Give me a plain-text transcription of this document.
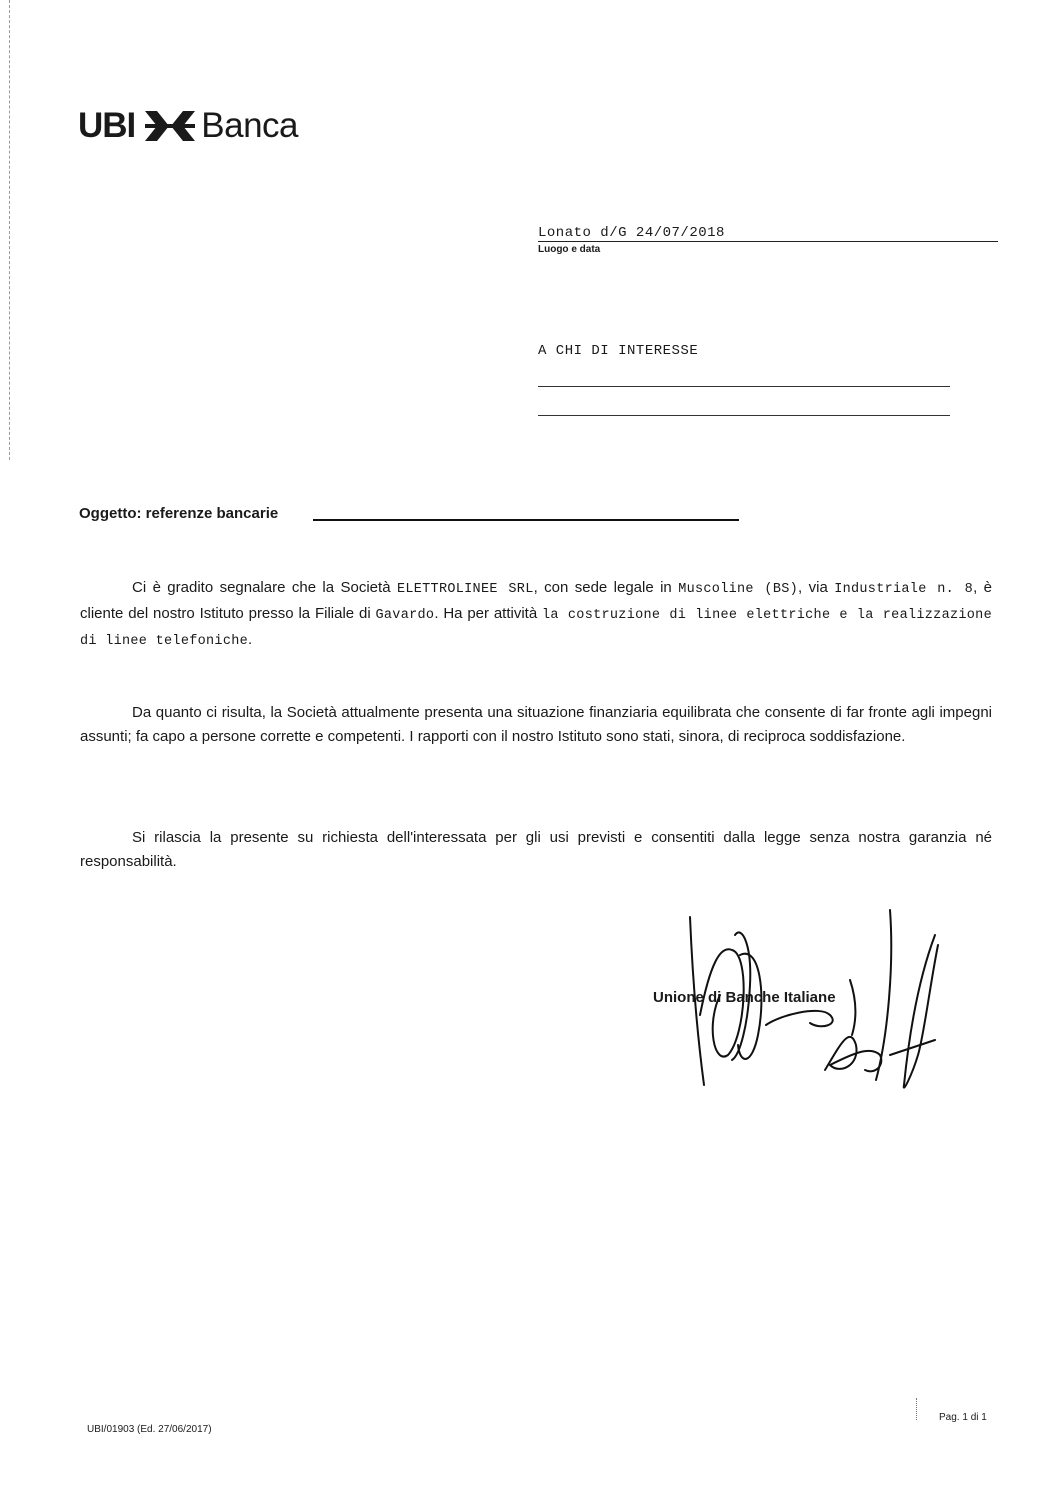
UBI Banca
Lonato d/G 24/07/2018
Luogo e data
A CHI DI INTERESSE
Oggetto: referenze bancarie

Ci è gradito segnalare che la Società ELETTROLINEE SRL, con sede legale in Muscoline (BS), via Industriale n. 8, è cliente del nostro Istituto presso la Filiale di Gavardo. Ha per attività la costruzione di linee elettriche e la realizzazione di linee telefoniche.

Da quanto ci risulta, la Società attualmente presenta una situazione finanziaria equilibrata che consente di far fronte agli impegni assunti; fa capo a persone corrette e competenti. I rapporti con il nostro Istituto sono stati, sinora, di reciproca soddisfazione.

Si rilascia la presente su richiesta dell'interessata per gli usi previsti e consentiti dalla legge senza nostra garanzia né responsabilità.

Unione di Banche Italiane
UBI/01903 (Ed. 27/06/2017)
Pag. 1 di 1
